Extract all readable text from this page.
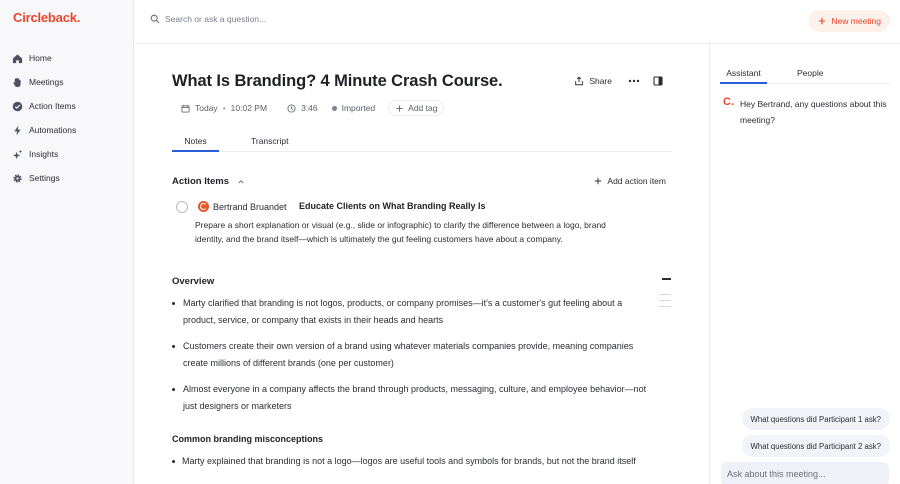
Circleback.
Home
Meetings
Action Items
Automations
Insights
Settings
Search or ask a question...
New meeting
What Is Branding? 4 Minute Crash Course.	Share
Today • 10:02 PM	3:46	Imported	Add tag
Notes	Transcript
Action Items	Add action item
Bertrand Bruandet Educate Clients on What Branding Really Is
Prepare a short explanation or visual (e.g., slide or infographic) to clarify the difference between a logo, brand identity, and the brand itself—which is ultimately the gut feeling customers have about a company.
Overview
Marty clarified that branding is not logos, products, or company promises—it's a customer's gut feeling about a product, service, or company that exists in their heads and hearts
Customers create their own version of a brand using whatever materials companies provide, meaning companies create millions of different brands (one per customer)
Almost everyone in a company affects the brand through products, messaging, culture, and employee behavior—not just designers or marketers
Common branding misconceptions
Marty explained that branding is not a logo—logos are useful tools and symbols for brands, but not the brand itself
Assistant	People
C. Hey Bertrand, any questions about this meeting?
What questions did Participant 1 ask?
What questions did Participant 2 ask?
Ask about this meeting...
